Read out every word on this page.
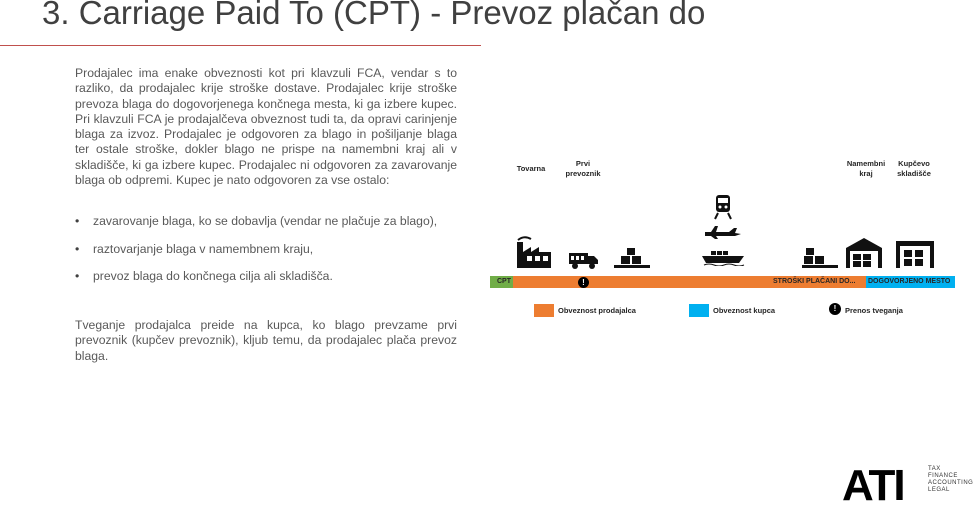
3. Carriage Paid To (CPT) - Prevoz plačan do

Prodajalec ima enake obveznosti kot pri klavzuli FCA, vendar s to razliko, da prodajalec krije stroške dostave. Prodajalec krije stroške prevoza blaga do dogovorjenega končnega mesta, ki ga izbere kupec. Pri klavzuli FCA je prodajalčeva obveznost tudi ta, da opravi carinjenje blaga za izvoz. Prodajalec je odgovoren za blago in pošiljanje blaga ter ostale stroške, dokler blago ne prispe na namembni kraj ali v skladišče, ki ga izbere kupec. Prodajalec ni odgovoren za zavarovanje blaga ob odpremi. Kupec je nato odgovoren za vse ostalo:

• zavarovanje blaga, ko se dobavlja (vendar ne plačuje za blago),
• raztovarjanje blaga v namembnem kraju,
• prevoz blaga do končnega cilja ali skladišča.

Tveganje prodajalca preide na kupca, ko blago prevzame prvi prevoznik (kupčev prevoznik), kljub temu, da prodajalec plača prevoz blaga.

Tovarna
Prvi
prevoznik
Namembni
kraj
Kupčevo
skladišče
CPT	!	STROŠKI PLAČANI DO... DOGOVORJENO MESTO
Obveznost prodajalca	Obveznost kupca	!	Prenos tveganja
ATI	TAX
FINANCE
ACCOUNTING
LEGAL
